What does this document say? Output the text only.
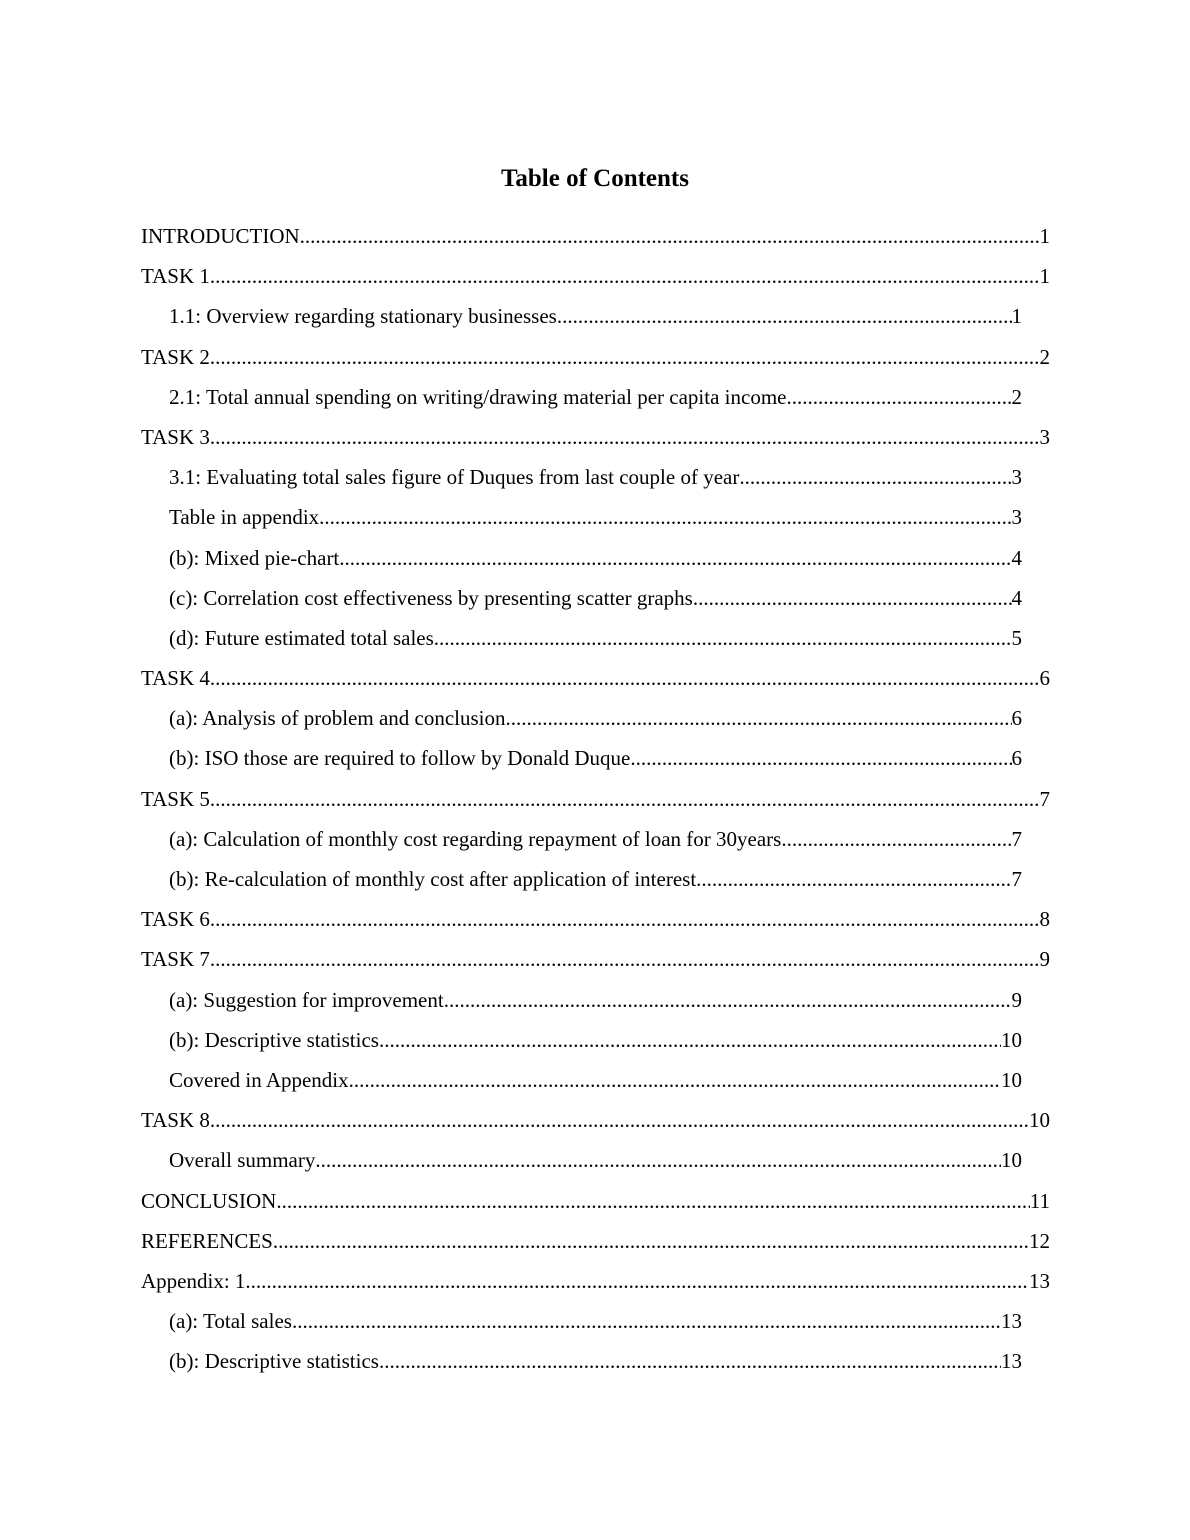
Table of Contents
INTRODUCTION .....	1
TASK 1 .....	1
1.1: Overview regarding stationary businesses .....	1
TASK 2 .....	2
2.1: Total annual spending on writing/drawing material per capita income .....	2
TASK 3 .....	3
3.1: Evaluating total sales figure of Duques from last couple of year .....	3
Table in appendix .....	3
(b): Mixed pie-chart .....	4
(c): Correlation cost effectiveness by presenting scatter graphs .....	4
(d): Future estimated total sales .....	5
TASK 4 .....	6
(a): Analysis of problem and conclusion .....	6
(b): ISO those are required to follow by Donald Duque .....	6
TASK 5 .....	7
(a): Calculation of monthly cost regarding repayment of loan for 30years .....	7
(b): Re-calculation of monthly cost after application of interest .....	7
TASK 6 .....	8
TASK 7 .....	9
(a): Suggestion for improvement .....	9
(b): Descriptive statistics .....	10
Covered in Appendix .....	10
TASK 8 .....	10
Overall summary .....	10
CONCLUSION .....	11
REFERENCES .....	12
Appendix: 1 .....	13
(a): Total sales .....	13
(b): Descriptive statistics .....	13
